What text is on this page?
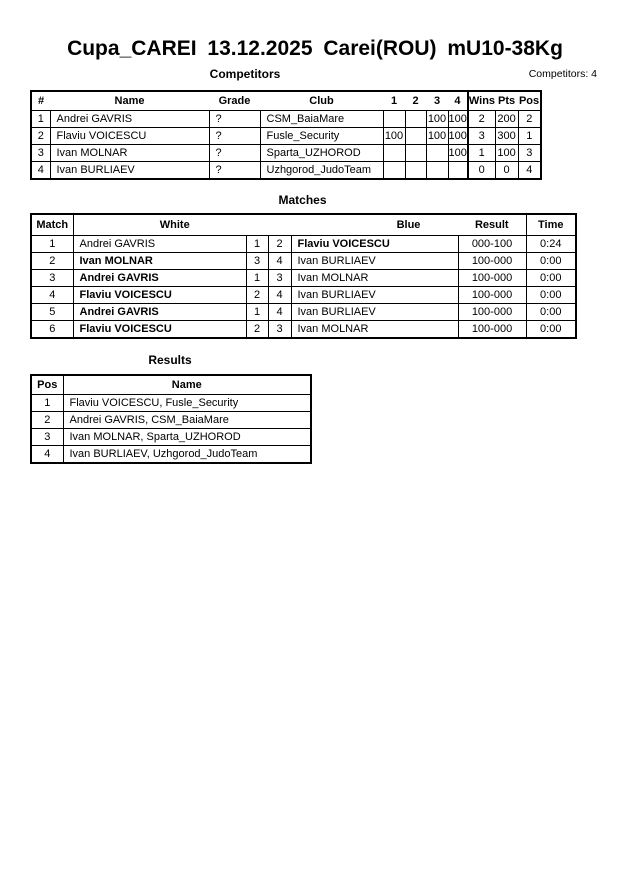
Cupa_CAREI 13.12.2025 Carei(ROU) mU10-38Kg
Competitors	Competitors: 4
#	Name	Grade	Club	1	2	3	4	Wins	Pts	Pos
1	Andrei GAVRIS	?	CSM_BaiaMare			100	100	2	200	2
2	Flaviu VOICESCU	?	Fusle_Security	100		100	100	3	300	1
3	Ivan MOLNAR	?	Sparta_UZHOROD				100	1	100	3
4	Ivan BURLIAEV	?	Uzhgorod_JudoTeam					0	0	4
Matches
Match	White			Blue	Result	Time
1	Andrei GAVRIS	1	2	Flaviu VOICESCU	000-100	0:24
2	Ivan MOLNAR	3	4	Ivan BURLIAEV	100-000	0:00
3	Andrei GAVRIS	1	3	Ivan MOLNAR	100-000	0:00
4	Flaviu VOICESCU	2	4	Ivan BURLIAEV	100-000	0:00
5	Andrei GAVRIS	1	4	Ivan BURLIAEV	100-000	0:00
6	Flaviu VOICESCU	2	3	Ivan MOLNAR	100-000	0:00
Results
Pos	Name
1	Flaviu VOICESCU, Fusle_Security
2	Andrei GAVRIS, CSM_BaiaMare
3	Ivan MOLNAR, Sparta_UZHOROD
4	Ivan BURLIAEV, Uzhgorod_JudoTeam
